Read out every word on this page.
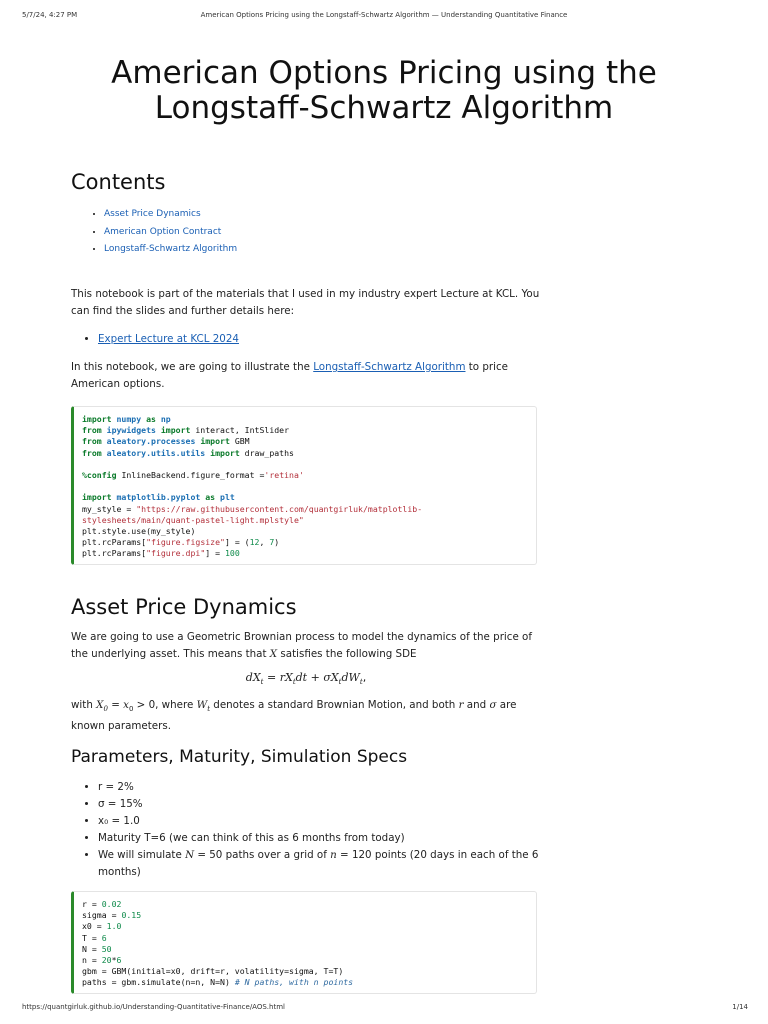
5/7/24, 4:27 PM	American Options Pricing using the Longstaff-Schwartz Algorithm — Understanding Quantitative Finance
American Options Pricing using the
Longstaff-Schwartz Algorithm
Contents
• Asset Price Dynamics
• American Option Contract
• Longstaff-Schwartz Algorithm

This notebook is part of the materials that I used in my industry expert Lecture at KCL. You can find the slides and further details here:

• Expert Lecture at KCL 2024

In this notebook, we are going to illustrate the Longstaff-Schwartz Algorithm to price American options.

import numpy as np
from ipywidgets import interact, IntSlider
from aleatory.processes import GBM
from aleatory.utils.utils import draw_paths

%config InlineBackend.figure_format ='retina'

import matplotlib.pyplot as plt
my_style = "https://raw.githubusercontent.com/quantgirluk/matplotlib-
stylesheets/main/quant-pastel-light.mplstyle"
plt.style.use(my_style)
plt.rcParams["figure.figsize"] = (12, 7)
plt.rcParams["figure.dpi"] = 100
Asset Price Dynamics

We are going to use a Geometric Brownian process to model the dynamics of the price of the underlying asset. This means that X satisfies the following SDE

$dX_t = rX_tdt + \sigma X_tdW_t$,

with $X_0 = x_0 > 0$, where $W_t$ denotes a standard Brownian Motion, and both r and σ are known parameters.

Parameters, Maturity, Simulation Specs
• r = 2%
• σ = 15%
• x₀ = 1.0
• Maturity T=6 (we can think of this as 6 months from today)
• We will simulate N = 50 paths over a grid of n = 120 points (20 days in each of the 6 months)
r = 0.02
sigma = 0.15
x0 = 1.0
T = 6
N = 50
n = 20*6
gbm = GBM(initial=x0, drift=r, volatility=sigma, T=T)
paths = gbm.simulate(n=n, N=N) # N paths, with n points
https://quantgirluk.github.io/Understanding-Quantitative-Finance/AOS.html	1/14
